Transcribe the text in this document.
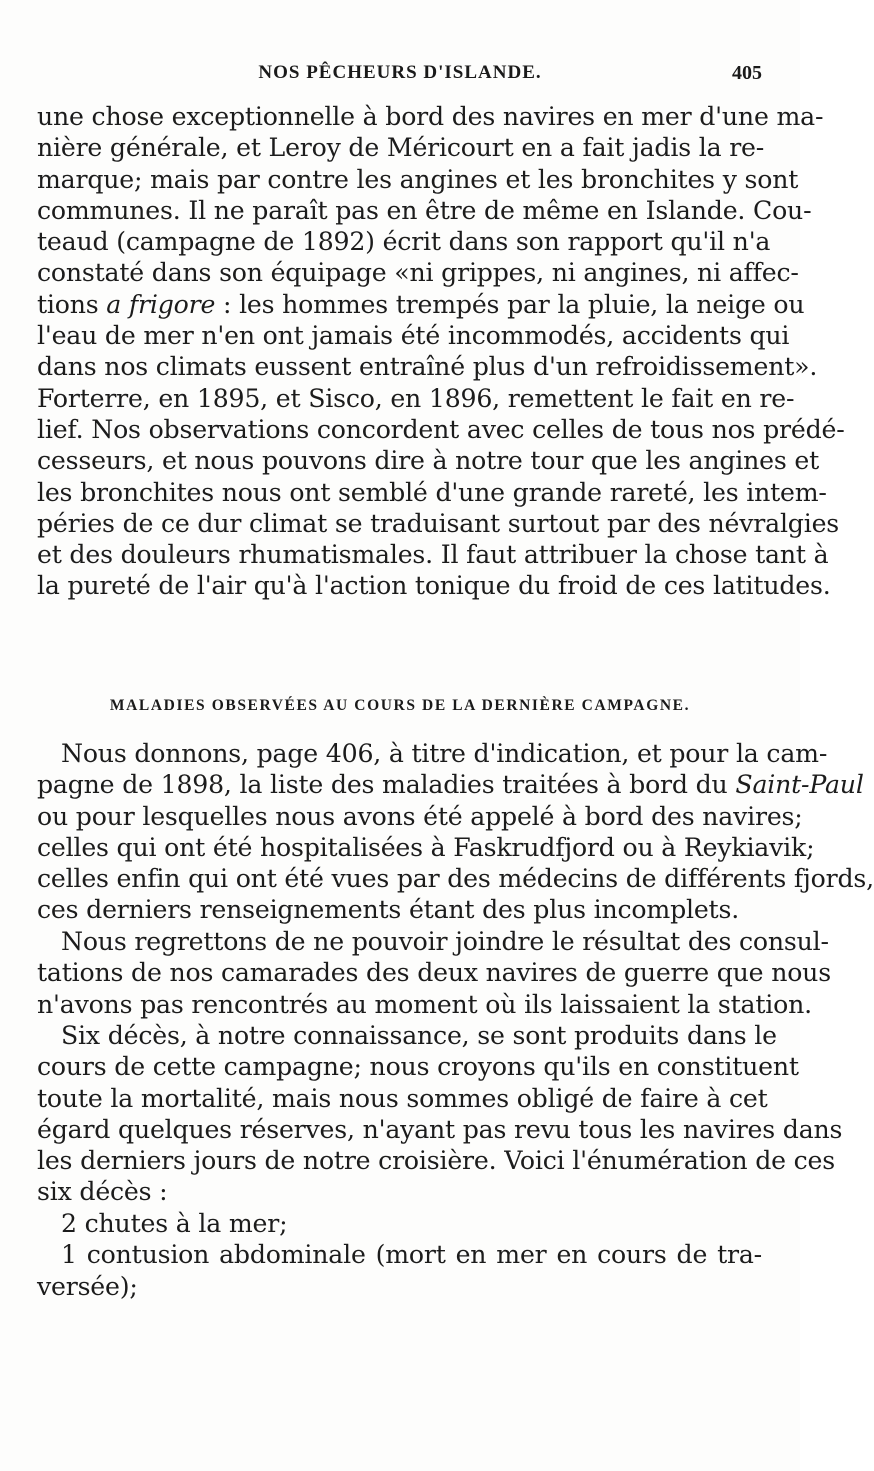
NOS PÊCHEURS D'ISLANDE.	405
une chose exceptionnelle à bord des navires en mer d'une ma-
nière générale, et Leroy de Méricourt en a fait jadis la re-
marque; mais par contre les angines et les bronchites y sont
communes. Il ne paraît pas en être de même en Islande. Cou-
teaud (campagne de 1892) écrit dans son rapport qu'il n'a
constaté dans son équipage «ni grippes, ni angines, ni affec-
tions a frigore : les hommes trempés par la pluie, la neige ou
l'eau de mer n'en ont jamais été incommodés, accidents qui
dans nos climats eussent entraîné plus d'un refroidissement».
Forterre, en 1895, et Sisco, en 1896, remettent le fait en re-
lief. Nos observations concordent avec celles de tous nos prédé-
cesseurs, et nous pouvons dire à notre tour que les angines et
les bronchites nous ont semblé d'une grande rareté, les intem-
péries de ce dur climat se traduisant surtout par des névralgies
et des douleurs rhumatismales. Il faut attribuer la chose tant à
la pureté de l'air qu'à l'action tonique du froid de ces latitudes.
MALADIES OBSERVÉES AU COURS DE LA DERNIÈRE CAMPAGNE.
Nous donnons, page 406, à titre d'indication, et pour la cam-
pagne de 1898, la liste des maladies traitées à bord du Saint-Paul
ou pour lesquelles nous avons été appelé à bord des navires;
celles qui ont été hospitalisées à Faskrudfjord ou à Reykiavik;
celles enfin qui ont été vues par des médecins de différents fjords,
ces derniers renseignements étant des plus incomplets.
Nous regrettons de ne pouvoir joindre le résultat des consul-
tations de nos camarades des deux navires de guerre que nous
n'avons pas rencontrés au moment où ils laissaient la station.
Six décès, à notre connaissance, se sont produits dans le
cours de cette campagne; nous croyons qu'ils en constituent
toute la mortalité, mais nous sommes obligé de faire à cet
égard quelques réserves, n'ayant pas revu tous les navires dans
les derniers jours de notre croisière. Voici l'énumération de ces
six décès :
2 chutes à la mer;
1 contusion abdominale (mort en mer en cours de tra-
versée);
